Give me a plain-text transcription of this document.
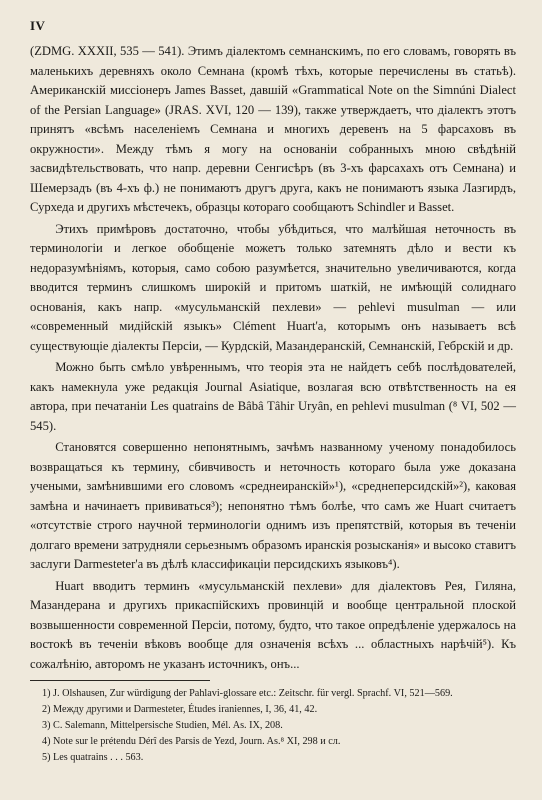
IV

(ZDMG. XXXII, 535 — 541). Этимъ діалектомъ семнанскимъ, по его словамъ, говорять въ маленькихъ деревняхъ около Семнана (кромѣ тѣхъ, которые перечислены въ статьѣ). Американскій миссіонеръ James Basset, давшій «Grammatical Note on the Simnúni Dialect of the Persian Language» (JRAS. XVI, 120 — 139), также утверждаетъ, что діалектъ этотъ принятъ «всѣмъ населеніемъ Семнана и многихъ деревенъ на 5 фарсаховъ въ окружности». Между тѣмъ я могу на основаніи собранныхъ мною свѣдѣній засвидѣтельствовать, что напр. деревни Сенгисѣръ (въ 3-хъ фарсахахъ отъ Семнана) и Шемерзадъ (въ 4-хъ ф.) не понимаютъ другъ друга, какъ не понимаютъ языка Лазгирдъ, Сурхеда и другихъ мѣстечекъ, образцы котораго сообщаютъ Schindler и Basset.

Этихъ примѣровъ достаточно, чтобы убѣдиться, что малѣйшая неточность въ терминологіи и легкое обобщеніе можетъ только затемнять дѣло и вести къ недоразумѣніямъ, которыя, само собою разумѣется, значительно увеличиваются, когда вводится терминъ слишкомъ широкій и притомъ шаткій, не имѣющій солиднаго основанія, какъ напр. «мусульманскій пехлеви» — pehlevi musulman — или «современный мидійскій языкъ» Clément Huart'a, которымъ онъ называетъ всѣ существующіе діалекты Персіи, — Курдскій, Мазандеранскій, Семнанскій, Гебрскій и др.

Можно быть смѣло увѣреннымъ, что теорія эта не найдетъ себѣ послѣдователей, какъ намекнула уже редакція Journal Asiatique, возлагая всю отвѣтственность на ея автора, при печатаніи Les quatrains de Bâbâ Tâhir Uryân, en pehlevi musulman (⁸ VI, 502 — 545).

Становятся совершенно непонятнымъ, зачѣмъ названному ученому понадобилось возвращаться къ термину, сбивчивость и неточность котораго была уже доказана учеными, замѣнившими его словомъ «среднеиранскій»¹), «среднеперсидскій»²), каковая замѣна и начинаетъ прививаться³); непонятно тѣмъ болѣе, что самъ же Huart считаетъ «отсутствіе строго научной терминологіи однимъ изъ препятствій, которыя въ теченіи долгаго времени затрудняли серьезнымъ образомъ иранскія розысканія» и высоко ставитъ заслуги Darmesteter'a въ дѣлѣ классификаціи персидскихъ языковъ⁴).

Huart вводитъ терминъ «мусульманскій пехлеви» для діалектовъ Рея, Гиляна, Мазандерана и другихъ прикаспійскихъ провинцій и вообще центральной плоской возвышенности современной Персіи, потому, будто, что такое опредѣленіе удержалось на востокѣ въ теченіи вѣковъ вообще для означенія всѣхъ ... областныхъ нарѣчій⁵). Къ сожалѣнію, авторомъ не указанъ источникъ, онъ...

1) J. Olshausen, Zur würdigung der Pahlavi-glossare etc.: Zeitschr. für vergl. Sprachf. VI, 521—569.

2) Между другими и Darmesteter, Études iraniennes, I, 36, 41, 42.

3) C. Salemann, Mittelpersische Studien, Mél. As. IX, 208.

4) Note sur le prétendu Dérî des Parsis de Yezd, Journ. As.⁸ XI, 298 и сл.

5) Les quatrains . . . 563.
